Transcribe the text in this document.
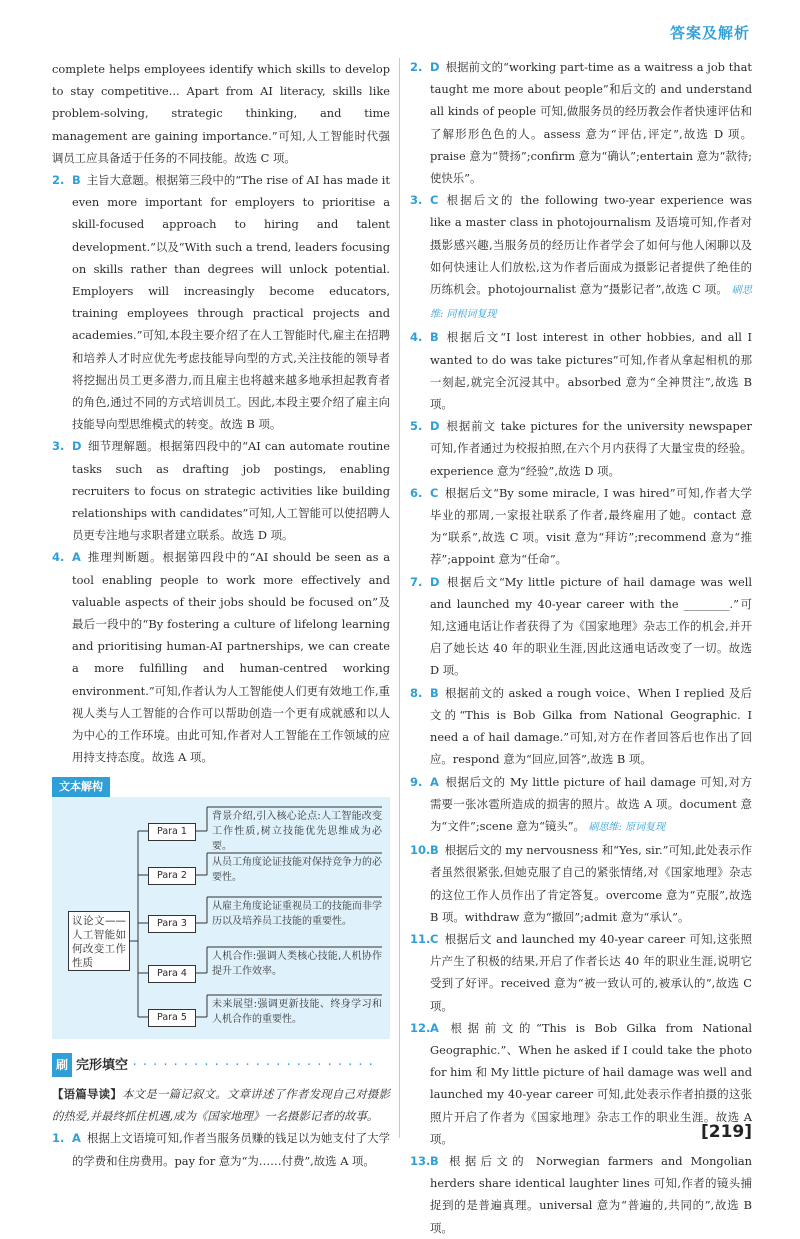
答案及解析

complete helps employees identify which skills to develop to stay competitive... Apart from AI literacy, skills like problem-solving, strategic thinking, and time management are gaining importance.”可知,人工智能时代强调员工应具备适于任务的不同技能。故选 C 项。

2. B 主旨大意题。根据第三段中的“The rise of AI has made it even more important for employers to prioritise a skill-focused approach to hiring and talent development.”以及“With such a trend, leaders focusing on skills rather than degrees will unlock potential. Employers will increasingly become educators, training employees through practical projects and academies.”可知,本段主要介绍了在人工智能时代,雇主在招聘和培养人才时应优先考虑技能导向型的方式,关注技能的领导者将挖掘出员工更多潜力,而且雇主也将越来越多地承担起教育者的角色,通过不同的方式培训员工。因此,本段主要介绍了雇主向技能导向型思维模式的转变。故选 B 项。
3. D 细节理解题。根据第四段中的“AI can automate routine tasks such as drafting job postings, enabling recruiters to focus on strategic activities like building relationships with candidates”可知,人工智能可以使招聘人员更专注地与求职者建立联系。故选 D 项。
4. A 推理判断题。根据第四段中的“AI should be seen as a tool enabling people to work more effectively and valuable aspects of their jobs should be focused on”及最后一段中的“By fostering a culture of lifelong learning and prioritising human-AI partnerships, we can create a more fulfilling and human-centred working environment.”可知,作者认为人工智能使人们更有效地工作,重视人类与人工智能的合作可以帮助创造一个更有成就感和以人为中心的工作环境。由此可知,作者对人工智能在工作领域的应用持支持态度。故选 A 项。
文本解构
议论文——人工智能如何改变工作性质
Para 1
背景介绍,引入核心论点:人工智能改变工作性质,树立技能优先思维成为必要。
Para 2
从员工角度论证技能对保持竞争力的必要性。
Para 3
从雇主角度论证重视员工的技能而非学历以及培养员工技能的重要性。
Para 4
人机合作:强调人类核心技能,人机协作提升工作效率。
Para 5
未来展望:强调更新技能、终身学习和人机合作的重要性。
刷 完形填空 · · · · · · · · · · · · · · · · · · · · · · · ·

【语篇导读】本文是一篇记叙文。文章讲述了作者发现自己对摄影的热爱,并最终抓住机遇,成为《国家地理》一名摄影记者的故事。

1. A 根据上文语境可知,作者当服务员赚的钱足以为她支付了大学的学费和住房费用。pay for 意为“为……付费”,故选 A 项。
2. D 根据前文的“working part-time as a waitress a job that taught me more about people”和后文的 and understand all kinds of people 可知,做服务员的经历教会作者快速评估和了解形形色色的人。assess 意为“评估,评定”,故选 D 项。praise 意为“赞扬”;confirm 意为“确认”;entertain 意为“款待;使快乐”。
3. C 根据后文的 the following two-year experience was like a master class in photojournalism 及语境可知,作者对摄影感兴趣,当服务员的经历让作者学会了如何与他人闲聊以及如何快速让人们放松,这为作者后面成为摄影记者提供了绝佳的历练机会。photojournalist 意为“摄影记者”,故选 C 项。 刷思维: 同根词复现
4. B 根据后文“I lost interest in other hobbies, and all I wanted to do was take pictures”可知,作者从拿起相机的那一刻起,就完全沉浸其中。absorbed 意为“全神贯注”,故选 B 项。
5. D 根据前文 take pictures for the university newspaper 可知,作者通过为校报拍照,在六个月内获得了大量宝贵的经验。experience 意为“经验”,故选 D 项。
6. C 根据后文“By some miracle, I was hired”可知,作者大学毕业的那周,一家报社联系了作者,最终雇用了她。contact 意为“联系”,故选 C 项。visit 意为“拜访”;recommend 意为“推荐”;appoint 意为“任命”。
7. D 根据后文“My little picture of hail damage was well and launched my 40-year career with the ________.”可知,这通电话让作者获得了为《国家地理》杂志工作的机会,并开启了她长达 40 年的职业生涯,因此这通电话改变了一切。故选 D 项。
8. B 根据前文的 asked a rough voice、When I replied 及后文的“This is Bob Gilka from National Geographic. I need a of hail damage.”可知,对方在作者回答后也作出了回应。respond 意为“回应,回答”,故选 B 项。
9. A 根据后文的 My little picture of hail damage 可知,对方需要一张冰雹所造成的损害的照片。故选 A 项。document 意为“文件”;scene 意为“镜头”。 刷思维: 原词复现
10. B 根据后文的 my nervousness 和“Yes, sir.”可知,此处表示作者虽然很紧张,但她克服了自己的紧张情绪,对《国家地理》杂志的这位工作人员作出了肯定答复。overcome 意为“克服”,故选 B 项。withdraw 意为“撤回”;admit 意为“承认”。
11. C 根据后文 and launched my 40-year career 可知,这张照片产生了积极的结果,开启了作者长达 40 年的职业生涯,说明它受到了好评。received 意为“被一致认可的,被承认的”,故选 C 项。
12. A 根据前文的“This is Bob Gilka from National Geographic.”、When he asked if I could take the photo for him 和 My little picture of hail damage was well and launched my 40-year career 可知,此处表示作者拍摄的这张照片开启了作者为《国家地理》杂志工作的职业生涯。故选 A 项。
13. B 根据后文的 Norwegian farmers and Mongolian herders share identical laughter lines 可知,作者的镜头捕捉到的是普遍真理。universal 意为“普遍的,共同的”,故选 B 项。
[219]
